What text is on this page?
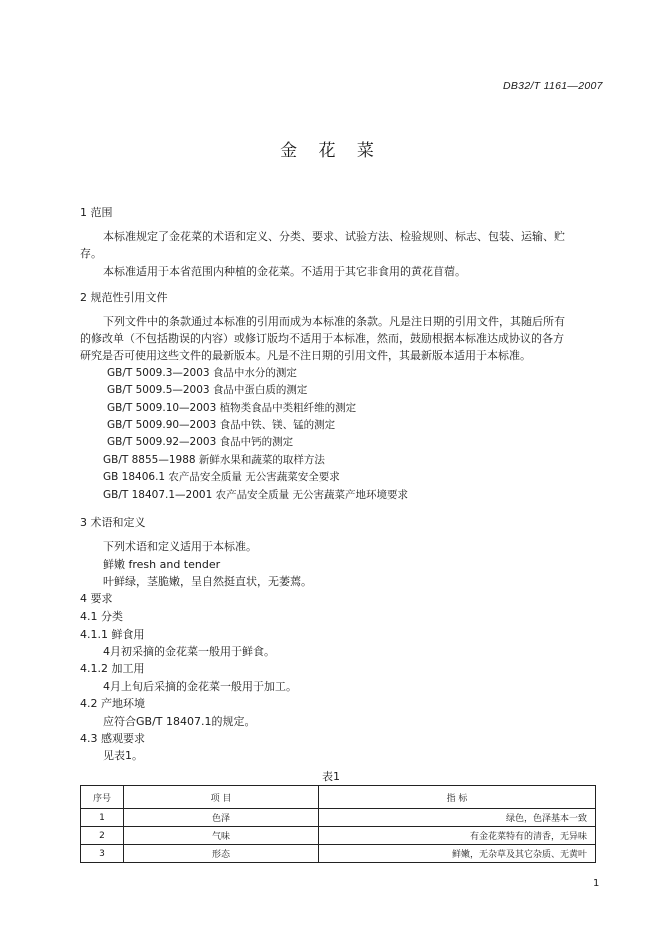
DB32/T 1161—2007
金 花 菜
1 范围
本标准规定了金花菜的术语和定义、分类、要求、试验方法、检验规则、标志、包装、运输、贮
存。
本标准适用于本省范围内种植的金花菜。不适用于其它非食用的黄花苜蓿。
2 规范性引用文件
下列文件中的条款通过本标准的引用而成为本标准的条款。凡是注日期的引用文件，其随后所有
的修改单（不包括勘误的内容）或修订版均不适用于本标准，然而，鼓励根据本标准达成协议的各方
研究是否可使用这些文件的最新版本。凡是不注日期的引用文件，其最新版本适用于本标准。
GB/T 5009.3—2003 食品中水分的测定
GB/T 5009.5—2003 食品中蛋白质的测定
GB/T 5009.10—2003 植物类食品中类粗纤维的测定
GB/T 5009.90—2003 食品中铁、镁、锰的测定
GB/T 5009.92—2003 食品中钙的测定
GB/T 8855—1988 新鲜水果和蔬菜的取样方法
GB 18406.1 农产品安全质量 无公害蔬菜安全要求
GB/T 18407.1—2001 农产品安全质量 无公害蔬菜产地环境要求
3 术语和定义
下列术语和定义适用于本标准。
鲜嫩 fresh and tender
叶鲜绿，茎脆嫩，呈自然挺直状，无萎蔫。
4 要求
4.1 分类
4.1.1 鲜食用
4月初采摘的金花菜一般用于鲜食。
4.1.2 加工用
4月上旬后采摘的金花菜一般用于加工。
4.2 产地环境
应符合GB/T 18407.1的规定。
4.3 感观要求
见表1。
表1
序号	项 目	指 标
1	色泽	绿色，色泽基本一致
2	气味	有金花菜特有的清香，无异味
3	形态	鲜嫩，无杂草及其它杂质、无黄叶
1
